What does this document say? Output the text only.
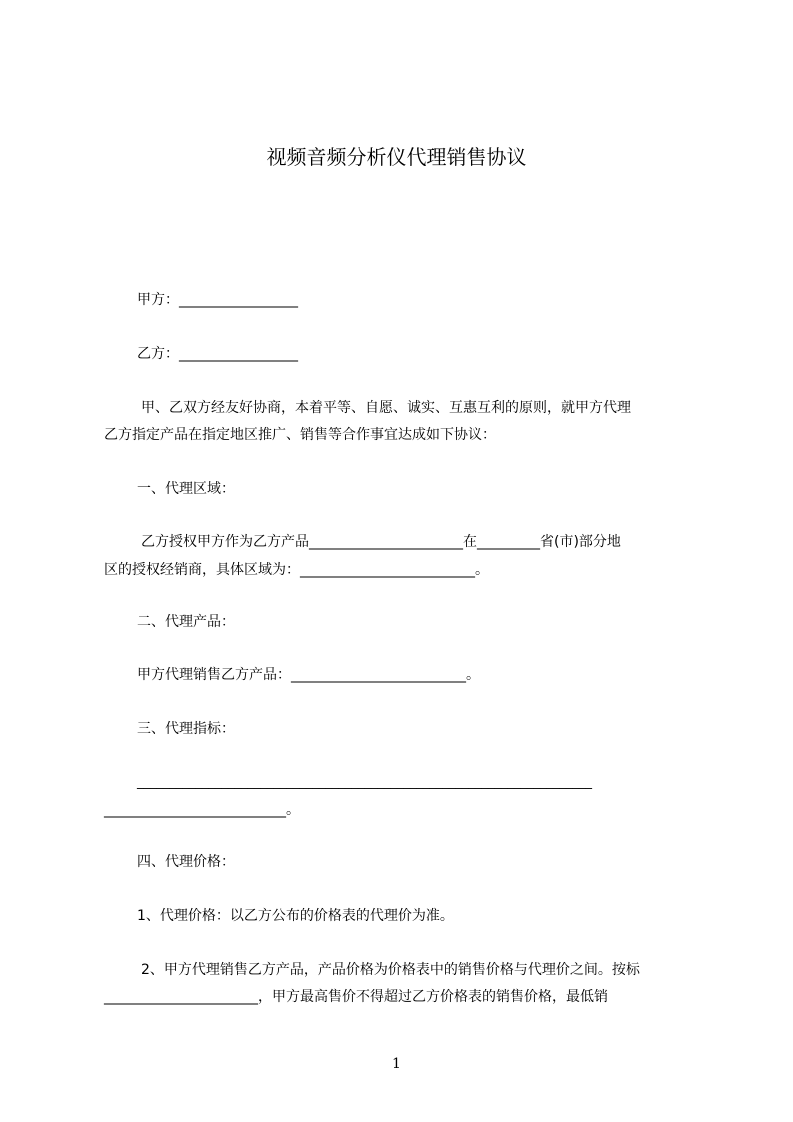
视频音频分析仪代理销售协议
甲方：_________________
乙方：_________________
甲、乙双方经友好协商，本着平等、自愿、诚实、互惠互利的原则，就甲方代理
乙方指定产品在指定地区推广、销售等合作事宜达成如下协议：
一、代理区域：
乙方授权甲方作为乙方产品______________________在_________省(市)部分地
区的授权经销商，具体区域为：_________________________。
二、代理产品：
甲方代理销售乙方产品：_________________________。
三、代理指标：
______________________________________________________________________
__________________________。
四、代理价格：
1、代理价格：以乙方公布的价格表的代理价为准。
2、甲方代理销售乙方产品，产品价格为价格表中的销售价格与代理价之间。按标
______________________，甲方最高售价不得超过乙方价格表的销售价格，最低销
1
